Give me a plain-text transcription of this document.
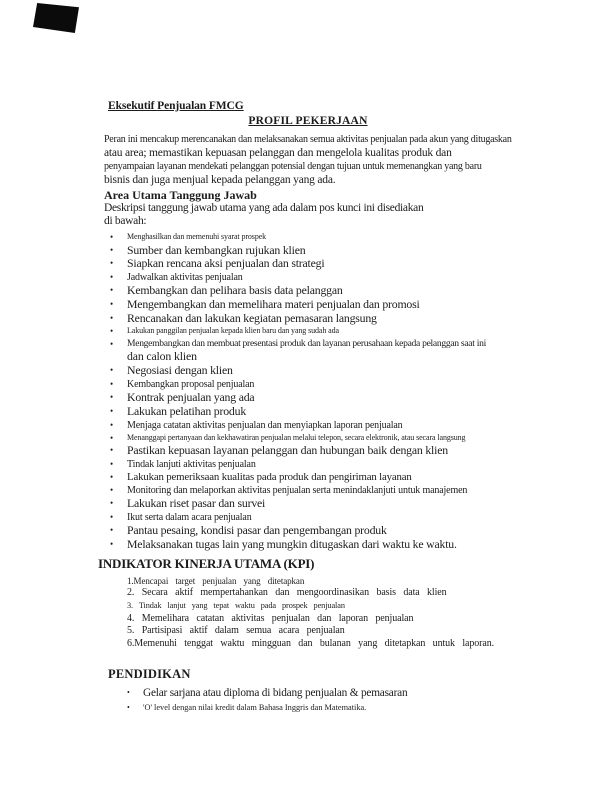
Eksekutif Penjualan FMCG
PROFIL PEKERJAAN
Peran ini mencakup merencanakan dan melaksanakan semua aktivitas penjualan pada akun yang ditugaskan
atau area; memastikan kepuasan pelanggan dan mengelola kualitas produk dan
penyampaian layanan mendekati pelanggan potensial dengan tujuan untuk memenangkan yang baru
bisnis dan juga menjual kepada pelanggan yang ada.
Area Utama Tanggung Jawab
Deskripsi tanggung jawab utama yang ada dalam pos kunci ini disediakan
di bawah:
•	Menghasilkan dan memenuhi syarat prospek
•	Sumber dan kembangkan rujukan klien
•	Siapkan rencana aksi penjualan dan strategi
•	Jadwalkan aktivitas penjualan
•	Kembangkan dan pelihara basis data pelanggan
•	Mengembangkan dan memelihara materi penjualan dan promosi
•	Rencanakan dan lakukan kegiatan pemasaran langsung
•	Lakukan panggilan penjualan kepada klien baru dan yang sudah ada
•	Mengembangkan dan membuat presentasi produk dan layanan perusahaan kepada pelanggan saat ini
dan calon klien
•	Negosiasi dengan klien
•	Kembangkan proposal penjualan
•	Kontrak penjualan yang ada
•	Lakukan pelatihan produk
•	Menjaga catatan aktivitas penjualan dan menyiapkan laporan penjualan
•	Menanggapi pertanyaan dan kekhawatiran penjualan melalui telepon, secara elektronik, atau secara langsung
•	Pastikan kepuasan layanan pelanggan dan hubungan baik dengan klien
•	Tindak lanjuti aktivitas penjualan
•	Lakukan pemeriksaan kualitas pada produk dan pengiriman layanan
•	Monitoring dan melaporkan aktivitas penjualan serta menindaklanjuti untuk manajemen
•	Lakukan riset pasar dan survei
•	Ikut serta dalam acara penjualan
•	Pantau pesaing, kondisi pasar dan pengembangan produk
•	Melaksanakan tugas lain yang mungkin ditugaskan dari waktu ke waktu.
INDIKATOR KINERJA UTAMA (KPI)
1.Mencapai target penjualan yang ditetapkan
2. Secara aktif mempertahankan dan mengoordinasikan basis data klien
3. Tindak lanjut yang tepat waktu pada prospek penjualan
4. Memelihara catatan aktivitas penjualan dan laporan penjualan
5. Partisipasi aktif dalam semua acara penjualan
6.Memenuhi tenggat waktu mingguan dan bulanan yang ditetapkan untuk laporan.
PENDIDIKAN
•	Gelar sarjana atau diploma di bidang penjualan & pemasaran
•	'O' level dengan nilai kredit dalam Bahasa Inggris dan Matematika.
